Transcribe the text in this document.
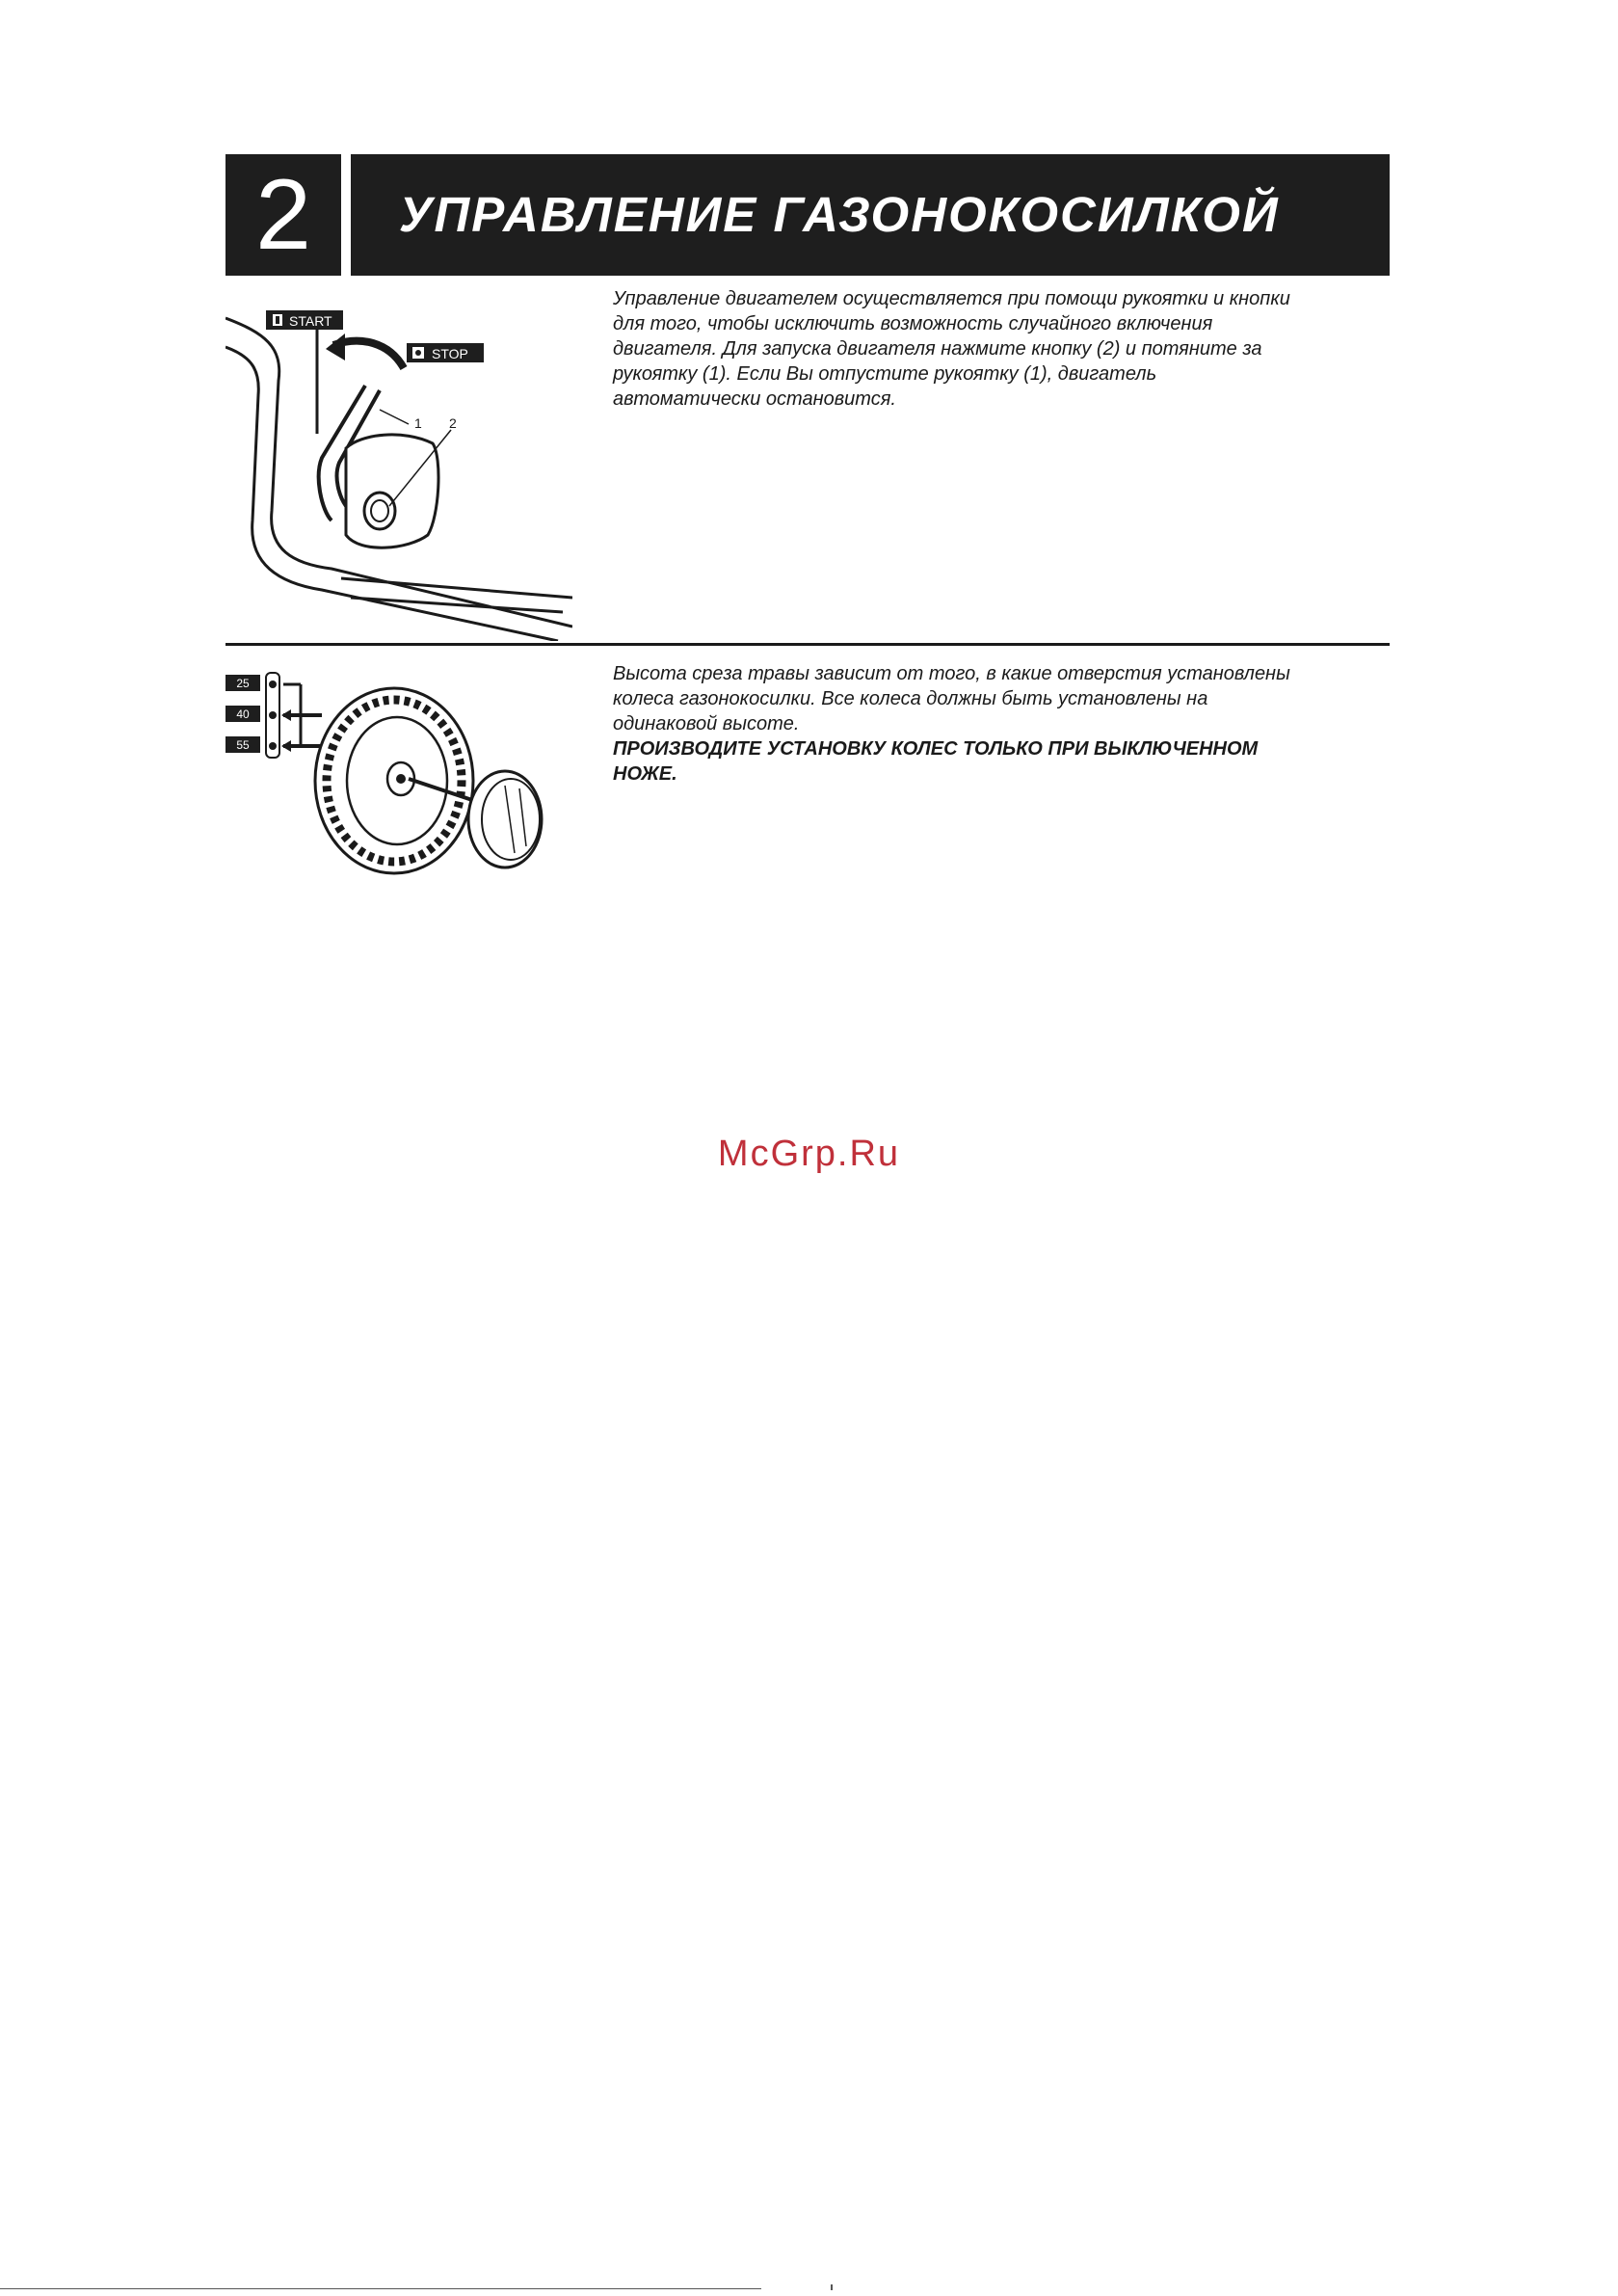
2	УПРАВЛЕНИЕ ГАЗОНОКОСИЛКОЙ
START
STOP
1 2

Управление двигателем осуществляется при помощи рукоятки и кнопки для того, чтобы исключить возможность случайного включения двигателя. Для запуска двигателя нажмите кнопку (2) и потяните за рукоятку (1). Если Вы отпустите рукоятку (1), двигатель автоматически остановится.

25
40
55

Высота среза травы зависит от того, в какие отверстия установлены колеса газонокосилки. Все колеса должны быть установлены на одинаковой высоте.

ПРОИЗВОДИТЕ УСТАНОВКУ КОЛЕС ТОЛЬКО ПРИ ВЫКЛЮЧЕННОМ НОЖЕ.

McGrp.Ru
